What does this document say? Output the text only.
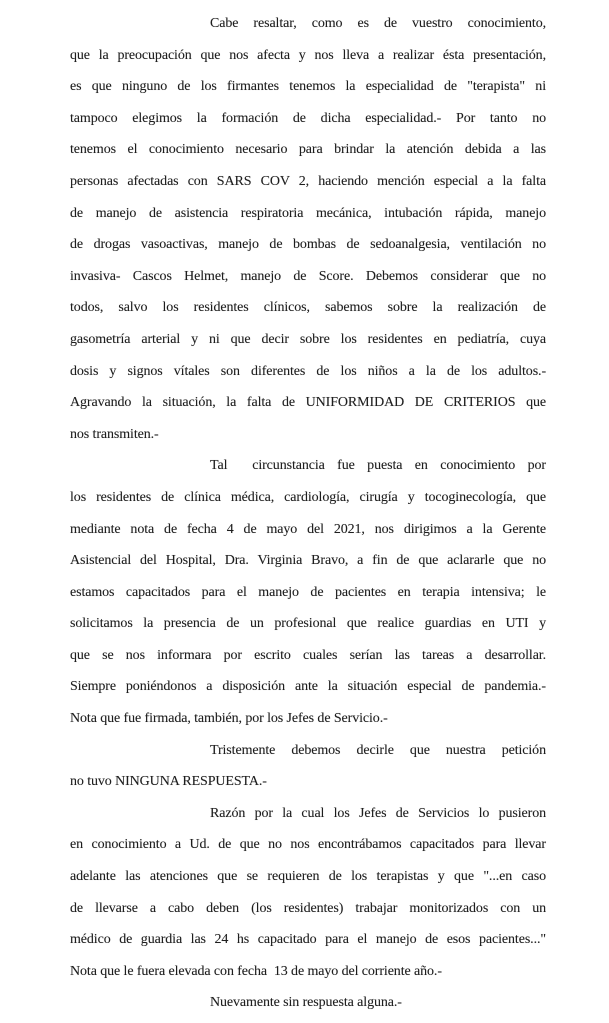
Cabe resaltar, como es de vuestro conocimiento,
que la preocupación que nos afecta y nos lleva a realizar ésta presentación,
es que ninguno de los firmantes tenemos la especialidad de "terapista" ni
tampoco elegimos la formación de dicha especialidad.- Por tanto no
tenemos el conocimiento necesario para brindar la atención debida a las
personas afectadas con SARS COV 2, haciendo mención especial a la falta
de manejo de asistencia respiratoria mecánica, intubación rápida, manejo
de drogas vasoactivas, manejo de bombas de sedoanalgesia, ventilación no
invasiva- Cascos Helmet, manejo de Score. Debemos considerar que no
todos, salvo los residentes clínicos, sabemos sobre la realización de
gasometría arterial y ni que decir sobre los residentes en pediatría, cuya
dosis y signos vítales son diferentes de los niños a la de los adultos.-
Agravando la situación, la falta de UNIFORMIDAD DE CRITERIOS que
nos transmiten.-
Tal  circunstancia fue puesta en conocimiento por
los residentes de clínica médica, cardiología, cirugía y tocoginecología, que
mediante nota de fecha 4 de mayo del 2021, nos dirigimos a la Gerente
Asistencial del Hospital, Dra. Virginia Bravo, a fin de que aclararle que no
estamos capacitados para el manejo de pacientes en terapia intensiva; le
solicitamos la presencia de un profesional que realice guardias en UTI y
que se nos informara por escrito cuales serían las tareas a desarrollar.
Siempre poniéndonos a disposición ante la situación especial de pandemia.-
Nota que fue firmada, también, por los Jefes de Servicio.-
Tristemente debemos decirle que nuestra petición
no tuvo NINGUNA RESPUESTA.-
Razón por la cual los Jefes de Servicios lo pusieron
en conocimiento a Ud. de que no nos encontrábamos capacitados para llevar
adelante las atenciones que se requieren de los terapistas y que "...en caso
de llevarse a cabo deben (los residentes) trabajar monitorizados con un
médico de guardia las 24 hs capacitado para el manejo de esos pacientes..."
Nota que le fuera elevada con fecha  13 de mayo del corriente año.-
Nuevamente sin respuesta alguna.-
